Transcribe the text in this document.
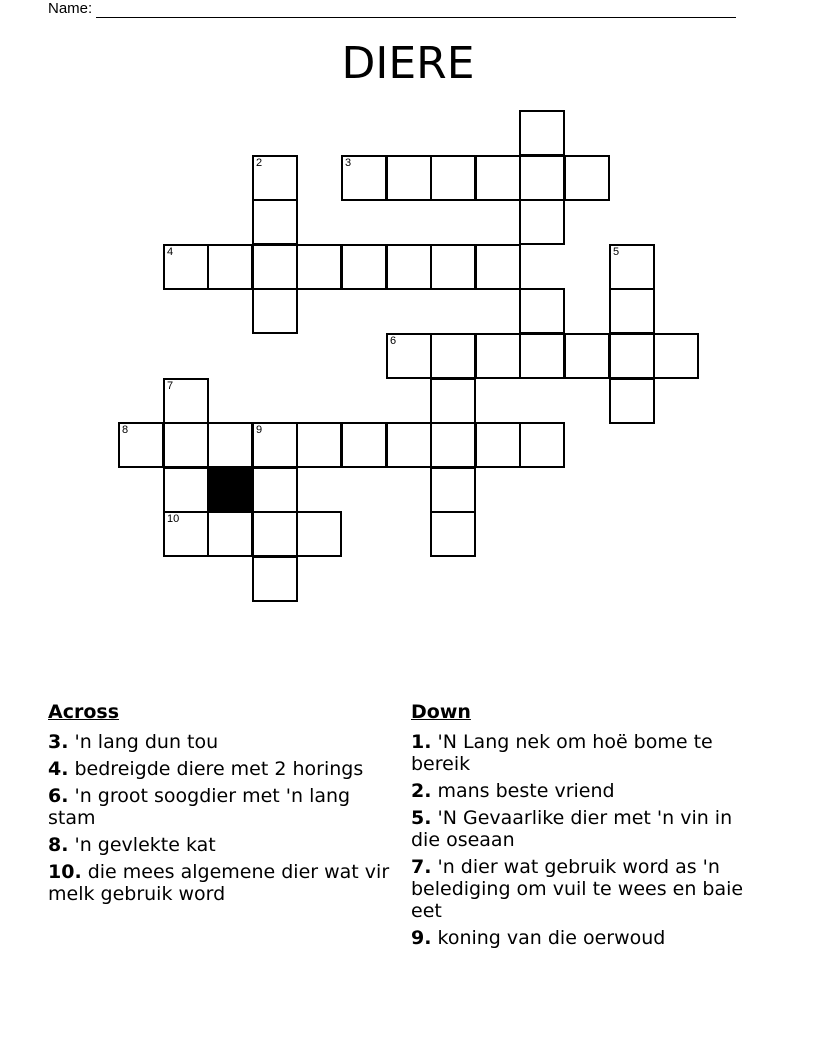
Name:
DIERE
2	3
4	5
6
7
8	9
10
Across
3. 'n lang dun tou
4. bedreigde diere met 2 horings
6. 'n groot soogdier met 'n lang stam
8. 'n gevlekte kat
10. die mees algemene dier wat vir melk gebruik word
Down
1. 'N Lang nek om hoë bome te bereik
2. mans beste vriend
5. 'N Gevaarlike dier met 'n vin in die oseaan
7. 'n dier wat gebruik word as 'n belediging om vuil te wees en baie eet
9. koning van die oerwoud
